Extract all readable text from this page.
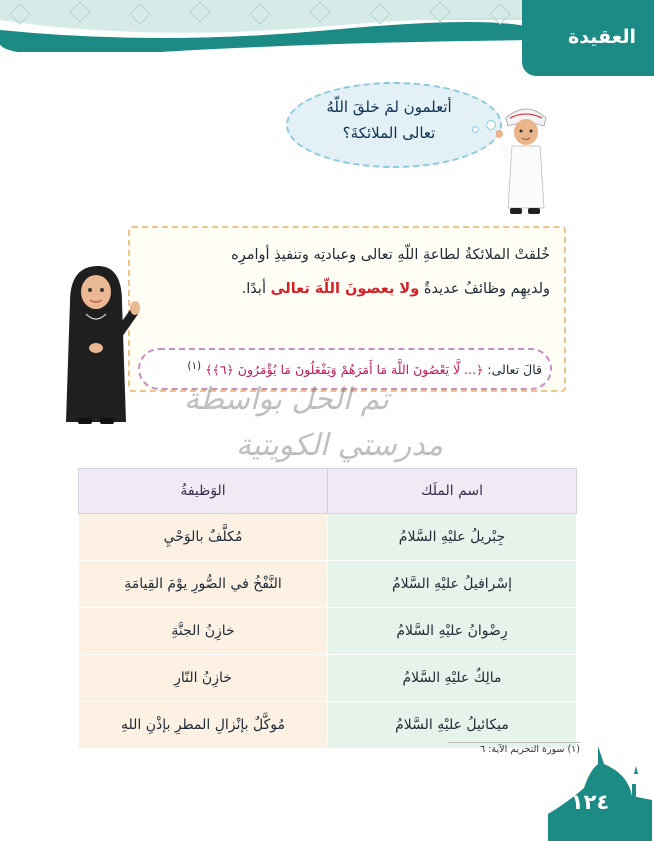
العقيدة
أتعلمون لمَ خلقَ اللّهُ
تعالى الملائكةَ؟
خُلقتْ الملائكةُ لطاعةِ اللّهِ تعالى وعبادتِه وتنفيذِ أوامرِه
ولديهِم وظائفُ عديدةٌ ولا يعصونَ اللّهَ تعالى أبدًا.
قالَ تعالى: ﴿... لَّا يَعْصُونَ اللَّهَ مَا أَمَرَهُمْ وَيَفْعَلُونَ مَا يُؤْمَرُونَ ﴿٦﴾﴾ $^{(١)}$
تم الحل بواسطة
مدرستي الكويتية
اسم الملَك	الوَظيفةُ
جِبْريلُ عليْهِ السَّلامُ	مُكلَّفٌ بالوَحْيِ
إسْرافيلُ عليْهِ السَّلامُ	النَّفْخُ في الصُّورِ يوْمَ القِيامَةِ
رِضْوانُ عليْهِ السَّلامُ	خازِنُ الجنَّةِ
مالِكٌ عليْهِ السَّلامُ	خازِنُ النّارِ
ميكائيلُ عليْهِ السَّلامُ	مُوكَّلٌ بإنْزالِ المطرِ بإذْنِ اللهِ
(١) سورة التحريم الآية: ٦
١٢٤
